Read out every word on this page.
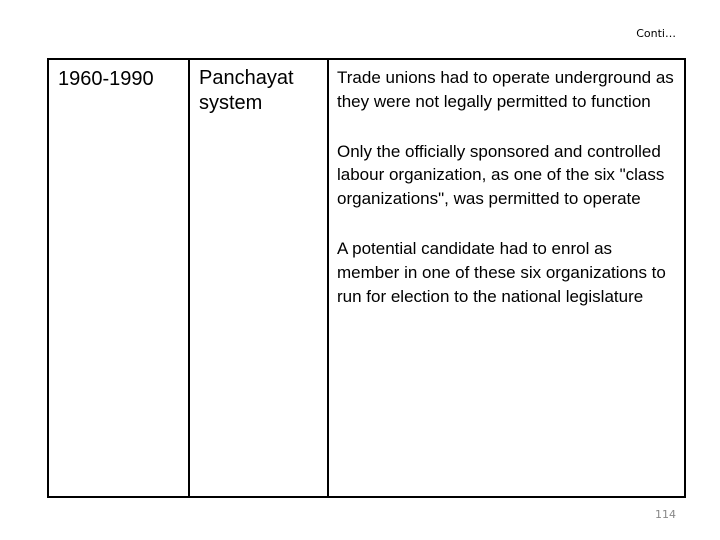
Conti…
1960-1990	Panchayat
system

Trade unions had to operate underground as they were not legally permitted to function

Only the officially sponsored and controlled labour organization, as one of the six "class organizations", was permitted to operate

A potential candidate had to enrol as member in one of these six organizations to run for election to the national legislature

114
